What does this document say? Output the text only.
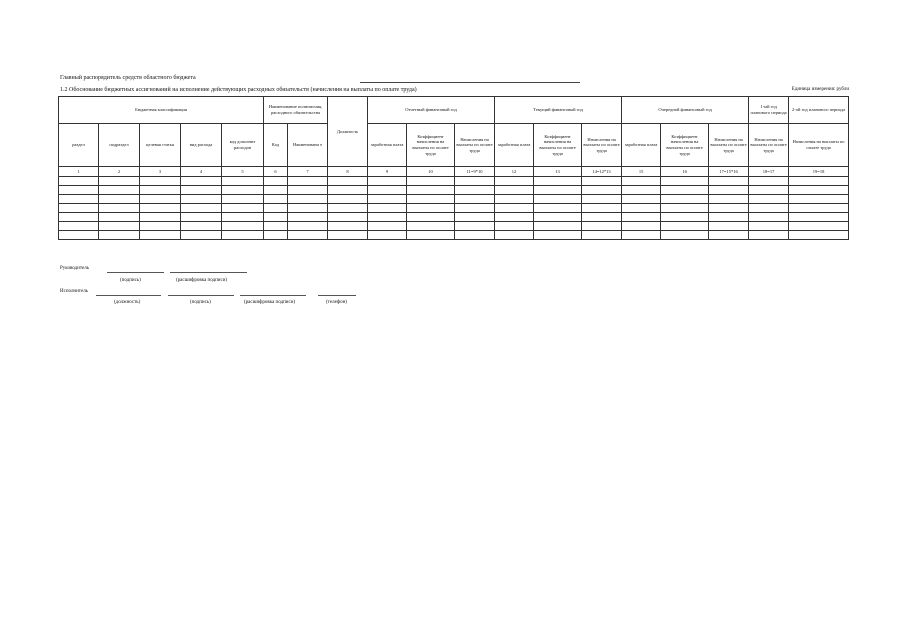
Главный распорядитель средств областного бюджета
1.2 Обоснование бюджетных ассигнований на исполнение действующих расходных обязательств (начисления на выплаты по оплате труда)	Единица измерения: рубли
Бюджетная классификация					Наименование полномочия, расходного обязательства		Должность	Отчетный финансовый год			Текущий финансовый год			Очередной финансовый год			1-ый год планового периода	2-ой год планового периода
раздел	подраздел	целевая статья	вид расхода	код дополнит расходов	Код	Наименовани е		заработная плата	Коэффициент начисления на выплаты по оплате труда	Начисления на выплаты по оплате труда	заработная плата	Коэффициент начисления на выплаты по оплате труда	Начисления на выплаты по оплате труда	заработная плата	Коэффициент начисления на выплаты по оплате труда	Начисления на выплаты по оплате труда	Начисления на выплаты по оплате труда	Начисления на выплаты по оплате труда
1	2	3	4	5	6	7	8	9	10	11=9*10	12	13	14=12*13	15	16	17=15*16	18=17	19=18

Руководитель
(подпись)	(расшифровка подписи)
Исполнитель
(должность)	(подпись)	(расшифровка подписи)	(телефон)
